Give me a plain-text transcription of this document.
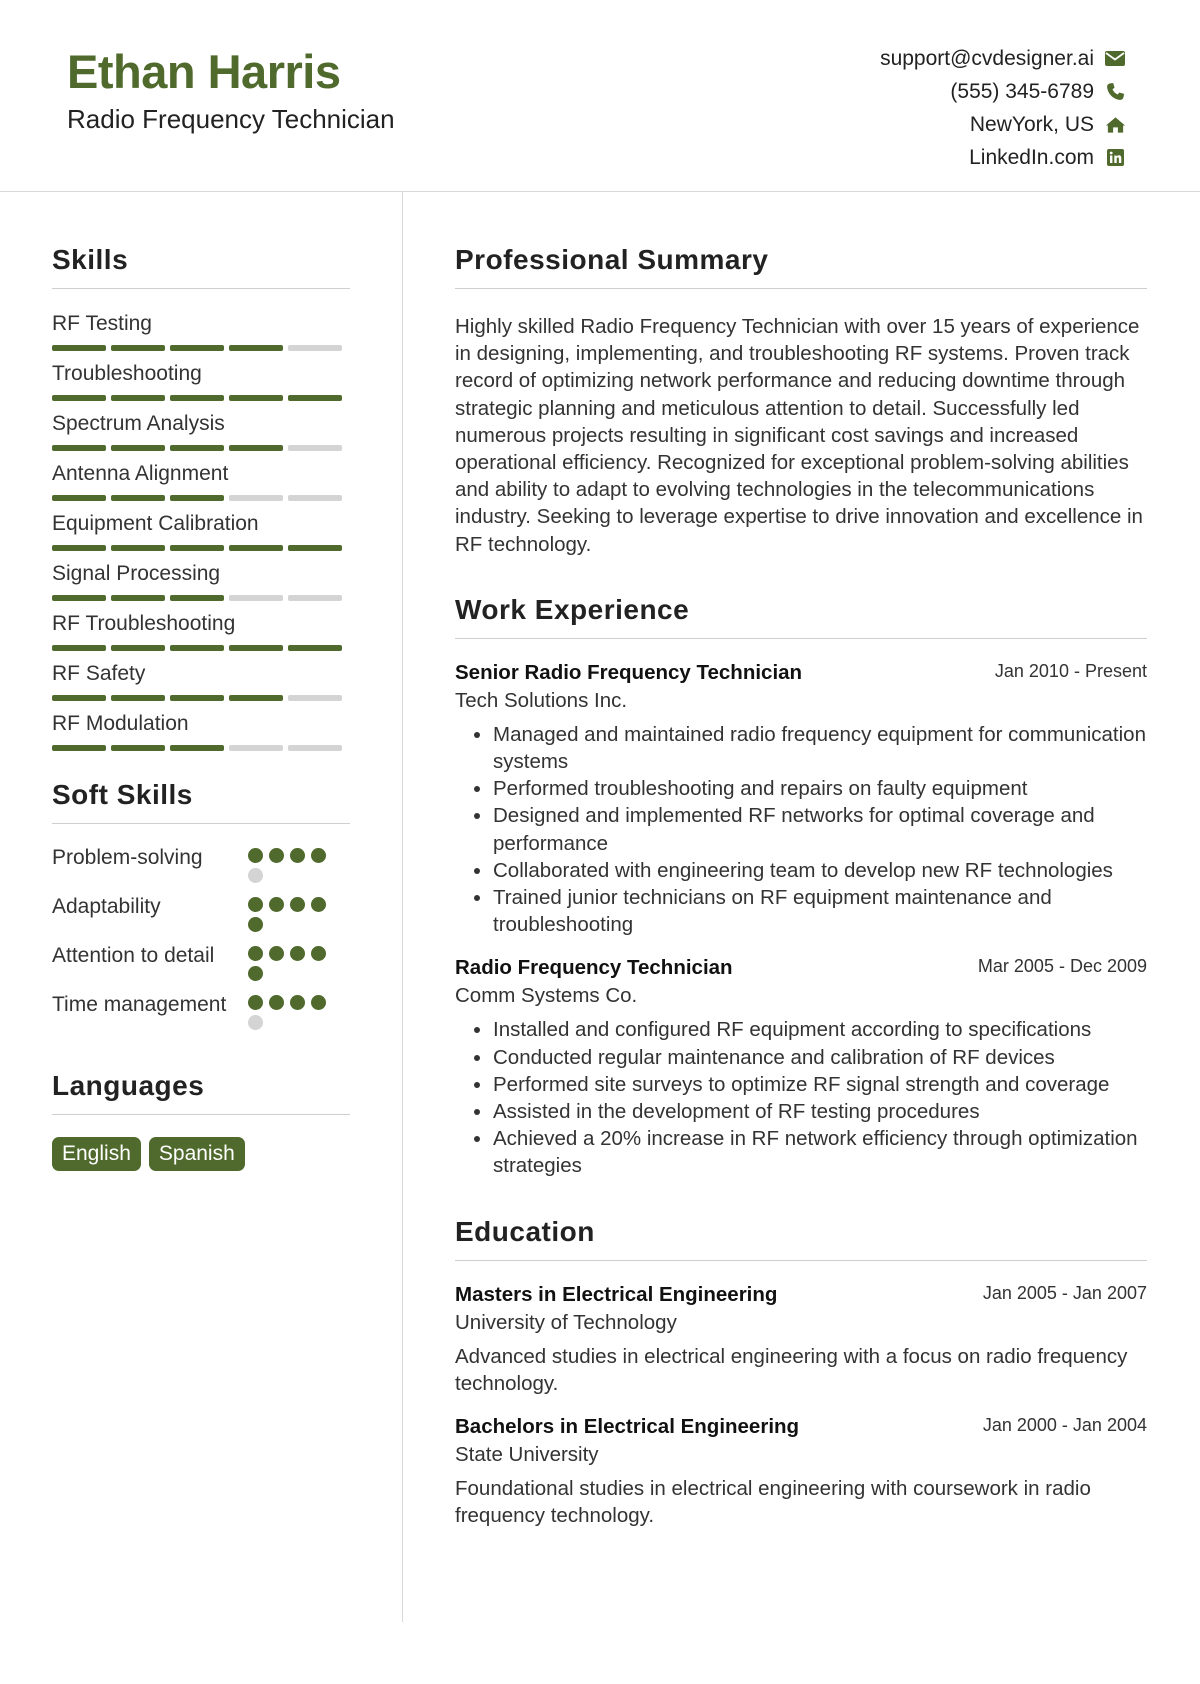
Ethan Harris
Radio Frequency Technician
support@cvdesigner.ai
(555) 345-6789
NewYork, US
LinkedIn.com
Skills
RF Testing
Troubleshooting
Spectrum Analysis
Antenna Alignment
Equipment Calibration
Signal Processing
RF Troubleshooting
RF Safety
RF Modulation
Soft Skills
Problem-solving
Adaptability
Attention to detail
Time management
Languages
English	Spanish
Professional Summary
Highly skilled Radio Frequency Technician with over 15 years of experience in designing, implementing, and troubleshooting RF systems. Proven track record of optimizing network performance and reducing downtime through strategic planning and meticulous attention to detail. Successfully led numerous projects resulting in significant cost savings and increased operational efficiency. Recognized for exceptional problem-solving abilities and ability to adapt to evolving technologies in the telecommunications industry. Seeking to leverage expertise to drive innovation and excellence in RF technology.
Work Experience
Senior Radio Frequency Technician	Jan 2010 - Present
Tech Solutions Inc.
• Managed and maintained radio frequency equipment for communication systems
• Performed troubleshooting and repairs on faulty equipment
• Designed and implemented RF networks for optimal coverage and performance
• Collaborated with engineering team to develop new RF technologies
• Trained junior technicians on RF equipment maintenance and troubleshooting
Radio Frequency Technician	Mar 2005 - Dec 2009
Comm Systems Co.
• Installed and configured RF equipment according to specifications
• Conducted regular maintenance and calibration of RF devices
• Performed site surveys to optimize RF signal strength and coverage
• Assisted in the development of RF testing procedures
• Achieved a 20% increase in RF network efficiency through optimization strategies
Education
Masters in Electrical Engineering	Jan 2005 - Jan 2007
University of Technology
Advanced studies in electrical engineering with a focus on radio frequency technology.
Bachelors in Electrical Engineering	Jan 2000 - Jan 2004
State University
Foundational studies in electrical engineering with coursework in radio frequency technology.
